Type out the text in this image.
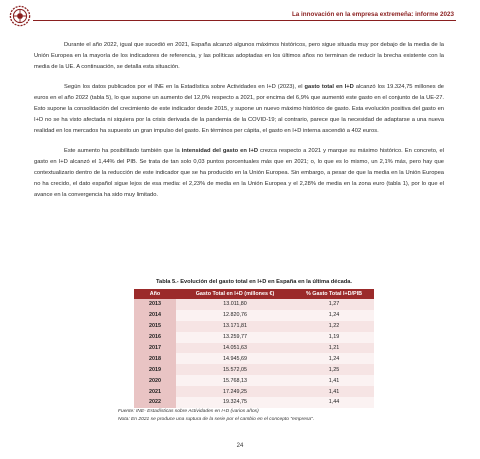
La innovación en la empresa extremeña: informe 2023

Durante el año 2022, igual que sucedió en 2021, España alcanzó algunos máximos históricos, pero sigue situada muy por debajo de la media de la Unión Europea en la mayoría de los indicadores de referencia, y las políticas adoptadas en los últimos años no terminan de reducir la brecha existente con la media de la UE. A continuación, se detalla esta situación.

Según los datos publicados por el INE en la Estadística sobre Actividades en I+D (2023), el gasto total en I+D alcanzó los 19.324,75 millones de euros en el año 2022 (tabla 5), lo que supone un aumento del 12,0% respecto a 2021, por encima del 6,9% que aumentó este gasto en el conjunto de la UE-27. Esto supone la consolidación del crecimiento de este indicador desde 2015, y supone un nuevo máximo histórico de gasto. Esta evolución positiva del gasto en I+D no se ha visto afectada ni siquiera por la crisis derivada de la pandemia de la COVID-19; al contrario, parece que la necesidad de adaptarse a una nueva realidad en los mercados ha supuesto un gran impulso del gasto. En términos per cápita, el gasto en I+D interna ascendió a 402 euros.

Este aumento ha posibilitado también que la intensidad del gasto en I+D crezca respecto a 2021 y marque su máximo histórico. En concreto, el gasto en I+D alcanzó el 1,44% del PIB. Se trata de tan solo 0,03 puntos porcentuales más que en 2021; o, lo que es lo mismo, un 2,1% más, pero hay que contextualizario dentro de la reducción de este indicador que se ha producido en la Unión Europea. Sin embargo, a pesar de que la media en la Unión Europea no ha crecido, el dato español sigue lejos de esa media: el 2,23% de media en la Unión Europea y el 2,28% de media en la zona euro (tabla 1), por lo que el avance en la convergencia ha sido muy limitado.

Tabla 5.- Evolución del gasto total en I+D en España en la última década.
Año	Gasto Total en I+D (millones €)	% Gasto Total I+D/PIB
2013	13.011,80	1,27
2014	12.820,76	1,24
2015	13.171,81	1,22
2016	13.259,77	1,19
2017	14.051,63	1,21
2018	14.945,69	1,24
2019	15.572,05	1,25
2020	15.768,13	1,41
2021	17.249,25	1,41
2022	19.324,75	1,44
Fuente: INE- Estadísticas sobre Actividades en I+D (varios años)
Nota: En 2021 se produce una ruptura de la serie por el cambio en el concepto "empresa".
24
